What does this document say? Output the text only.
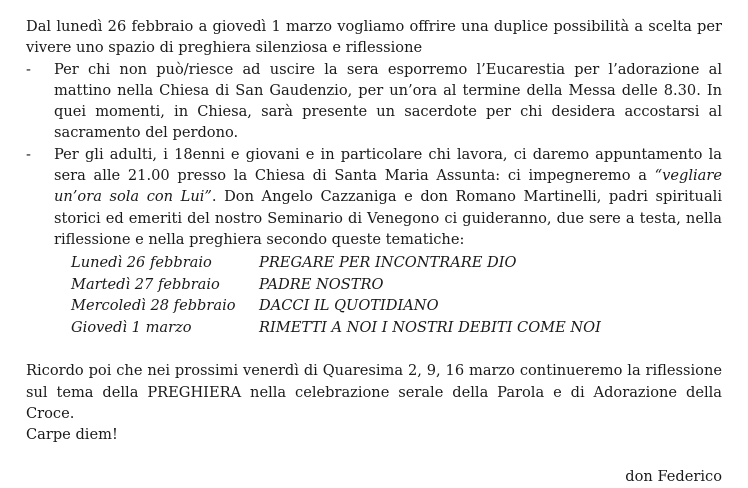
Dal lunedì 26 febbraio a giovedì 1 marzo vogliamo offrire una duplice possibilità a scelta per vivere uno spazio di preghiera silenziosa e riflessione

-	Per chi non può/riesce ad uscire la sera esporremo l’Eucarestia per l’adorazione al mattino nella Chiesa di San Gaudenzio, per un’ora al termine della Messa delle 8.30. In quei momenti, in Chiesa, sarà presente un sacerdote per chi desidera accostarsi al sacramento del perdono.

-	Per gli adulti, i 18enni e giovani e in particolare chi lavora, ci daremo appuntamento la sera alle 21.00 presso la Chiesa di Santa Maria Assunta: ci impegneremo a “vegliare un’ora sola con Lui”. Don Angelo Cazzaniga e don Romano Martinelli, padri spirituali storici ed emeriti del nostro Seminario di Venegono ci guideranno, due sere a testa, nella riflessione e nella preghiera secondo queste tematiche:

Lunedì 26 febbraio	PREGARE PER INCONTRARE DIO
Martedì 27 febbraio	PADRE NOSTRO
Mercoledì 28 febbraio	DACCI IL QUOTIDIANO
Giovedì 1 marzo	RIMETTI A NOI I NOSTRI DEBITI COME NOI

Ricordo poi che nei prossimi venerdì di Quaresima 2, 9, 16 marzo continueremo la riflessione sul tema della PREGHIERA nella celebrazione serale della Parola e di Adorazione della Croce.

Carpe diem!

don Federico
